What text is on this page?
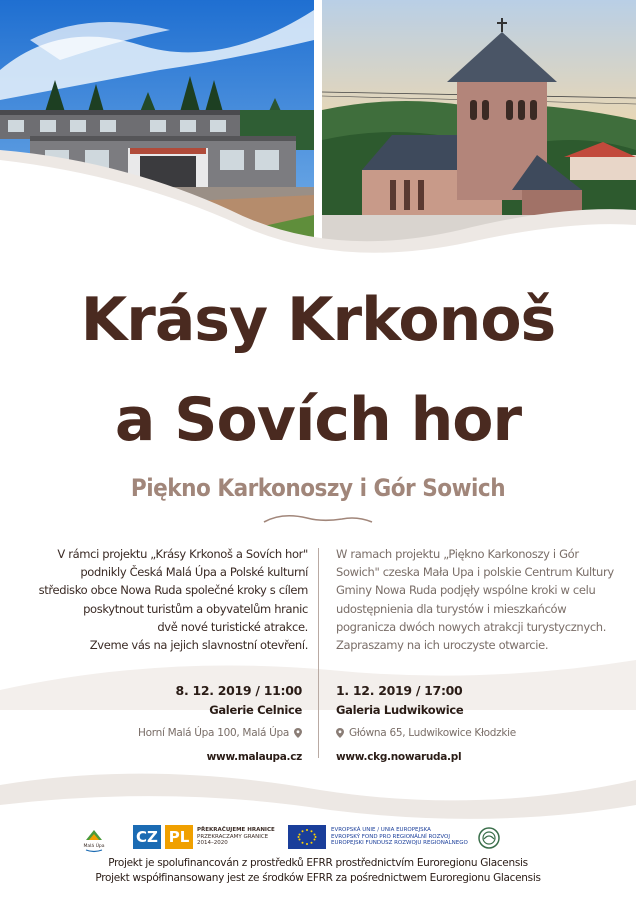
Krásy Krkonoš
a Sovích hor
Piękno Karkonoszy i Gór Sowich

V rámci projektu „Krásy Krkonoš a Sovích hor"
podnikly Česká Malá Úpa a Polské kulturní
středisko obce Nowa Ruda společné kroky s cílem
poskytnout turistům a obyvatelům hranic
dvě nové turistické atrakce.
Zveme vás na jejich slavnostní otevření.

W ramach projektu „Piękno Karkonoszy i Gór
Sowich" czeska Mała Upa i polskie Centrum Kultury
Gminy Nowa Ruda podjęły wspólne kroki w celu
udostępnienia dla turystów i mieszkańców
pogranicza dwóch nowych atrakcji turystycznych.
Zapraszamy na ich uroczyste otwarcie.

8. 12. 2019 / 11:00
Galerie Celnice
Horní Malá Úpa 100, Malá Úpa
www.malaupa.cz
1. 12. 2019 / 17:00
Galeria Ludwikowice
Główna 65, Ludwikowice Kłodzkie
www.ckg.nowaruda.pl
Malá Úpa
CZ PL	PŘEKRAČUJEME HRANICE
PRZEKRACZAMY GRANICE
2014–2020
EVROPSKÁ UNIE / UNIA EUROPEJSKA
EVROPSKÝ FOND PRO REGIONÁLNÍ ROZVOJ
EUROPEJSKI FUNDUSZ ROZWOJU REGIONALNEGO
Projekt je spolufinancován z prostředků EFRR prostřednictvím Euroregionu Glacensis
Projekt współfinansowany jest ze środków EFRR za pośrednictwem Euroregionu Glacensis
